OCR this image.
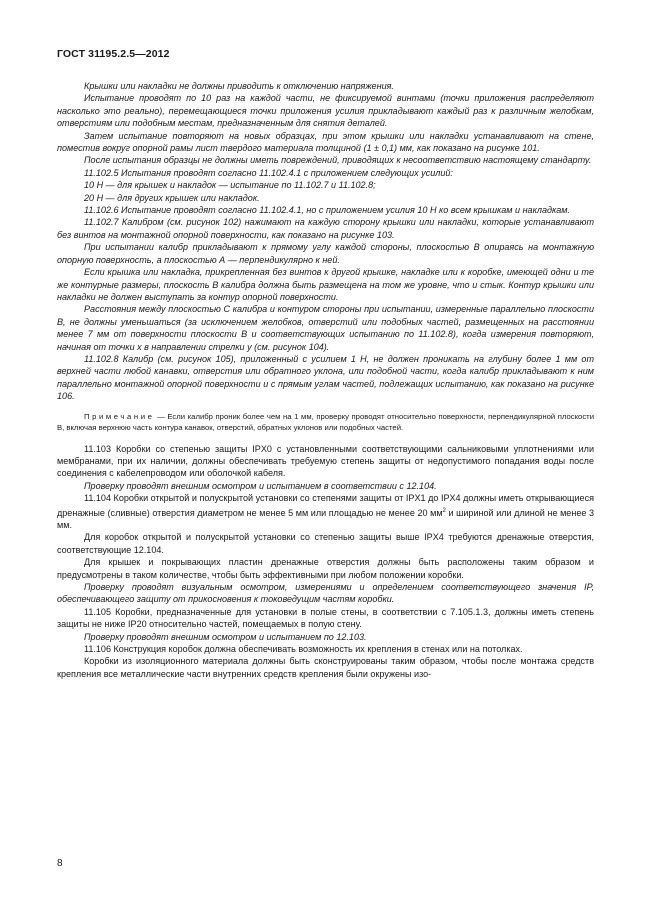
ГОСТ 31195.2.5—2012

Крышки или накладки не должны приводить к отключению напряжения.

Испытание проводят по 10 раз на каждой части, не фиксируемой винтами (точки приложения распределяют насколько это реально), перемещающиеся точки приложения усилия прикладывают каждый раз к различным желобкам, отверстиям или подобным местам, предназначенным для снятия деталей.

Затем испытание повторяют на новых образцах, при этом крышки или накладки устанавливают на стене, поместив вокруг опорной рамы лист твердого материала толщиной (1 ± 0,1) мм, как показано на рисунке 101.

После испытания образцы не должны иметь повреждений, приводящих к несоответствию настоящему стандарту.

11.102.5 Испытания проводят согласно 11.102.4.1 с приложением следующих усилий:

10 Н — для крышек и накладок — испытание по 11.102.7 и 11.102.8;

20 Н — для других крышек или накладок.

11.102.6 Испытание проводят согласно 11.102.4.1, но с приложением усилия 10 Н ко всем крышкам и накладкам.

11.102.7 Калибром (см. рисунок 102) нажимают на каждую сторону крышки или накладки, которые устанавливают без винтов на монтажной опорной поверхности, как показано на рисунке 103.

При испытании калибр прикладывают к прямому углу каждой стороны, плоскостью В опираясь на монтажную опорную поверхность, а плоскостью А — перпендикулярно к ней.

Если крышка или накладка, прикрепленная без винтов к другой крышке, накладке или к коробке, имеющей одни и те же контурные размеры, плоскость В калибра должна быть размещена на том же уровне, что и стык. Контур крышки или накладки не должен выступать за контур опорной поверхности.

Расстояния между плоскостью С калибра и контуром стороны при испытании, измеренные параллельно плоскости В, не должны уменьшаться (за исключением желобков, отверстий или подобных частей, размещенных на расстоянии менее 7 мм от поверхности плоскости В и соответствующих испытанию по 11.102.8), когда измерения повторяют, начиная от точки x в направлении стрелки y (см. рисунок 104).

11.102.8 Калибр (см. рисунок 105), приложенный с усилием 1 Н, не должен проникать на глубину более 1 мм от верхней части любой канавки, отверстия или обратного уклона, или подобной части, когда калибр прикладывают к ним параллельно монтажной опорной поверхности и с прямым углам частей, подлежащих испытанию, как показано на рисунке 106.

Примечание — Если калибр проник более чем на 1 мм, проверку проводят относительно поверхности, перпендикулярной плоскости В, включая верхнюю часть контура канавок, отверстий, обратных уклонов или подобных частей.

11.103 Коробки со степенью защиты IPX0 с установленными соответствующими сальниковыми уплотнениями или мембранами, при их наличии, должны обеспечивать требуемую степень защиты от недопустимого попадания воды после соединения с кабелепроводом или оболочкой кабеля.

Проверку проводят внешним осмотром и испытанием в соответствии с 12.104.

11.104 Коробки открытой и полускрытой установки со степенями защиты от IPX1 до IPX4 должны иметь открывающиеся дренажные (сливные) отверстия диаметром не менее 5 мм или площадью не менее 20 $мм^2$ и шириной или длиной не менее 3 мм.

Для коробок открытой и полускрытой установки со степенью защиты выше IPX4 требуются дренажные отверстия, соответствующие 12.104.

Для крышек и покрывающих пластин дренажные отверстия должны быть расположены таким образом и предусмотрены в таком количестве, чтобы быть эффективными при любом положении коробки.

Проверку проводят визуальным осмотром, измерениями и определением соответствующего значения IP, обеспечивающего защиту от прикосновения к токоведущим частям коробки.

11.105 Коробки, предназначенные для установки в полые стены, в соответствии с 7.105.1.3, должны иметь степень защиты не ниже IP20 относительно частей, помещаемых в полую стену.

Проверку проводят внешним осмотром и испытанием по 12.103.

11.106 Конструкция коробок должна обеспечивать возможность их крепления в стенах или на потолках.

Коробки из изоляционного материала должны быть сконструированы таким образом, чтобы после монтажа средств крепления все металлические части внутренних средств крепления были окружены изо-

8
